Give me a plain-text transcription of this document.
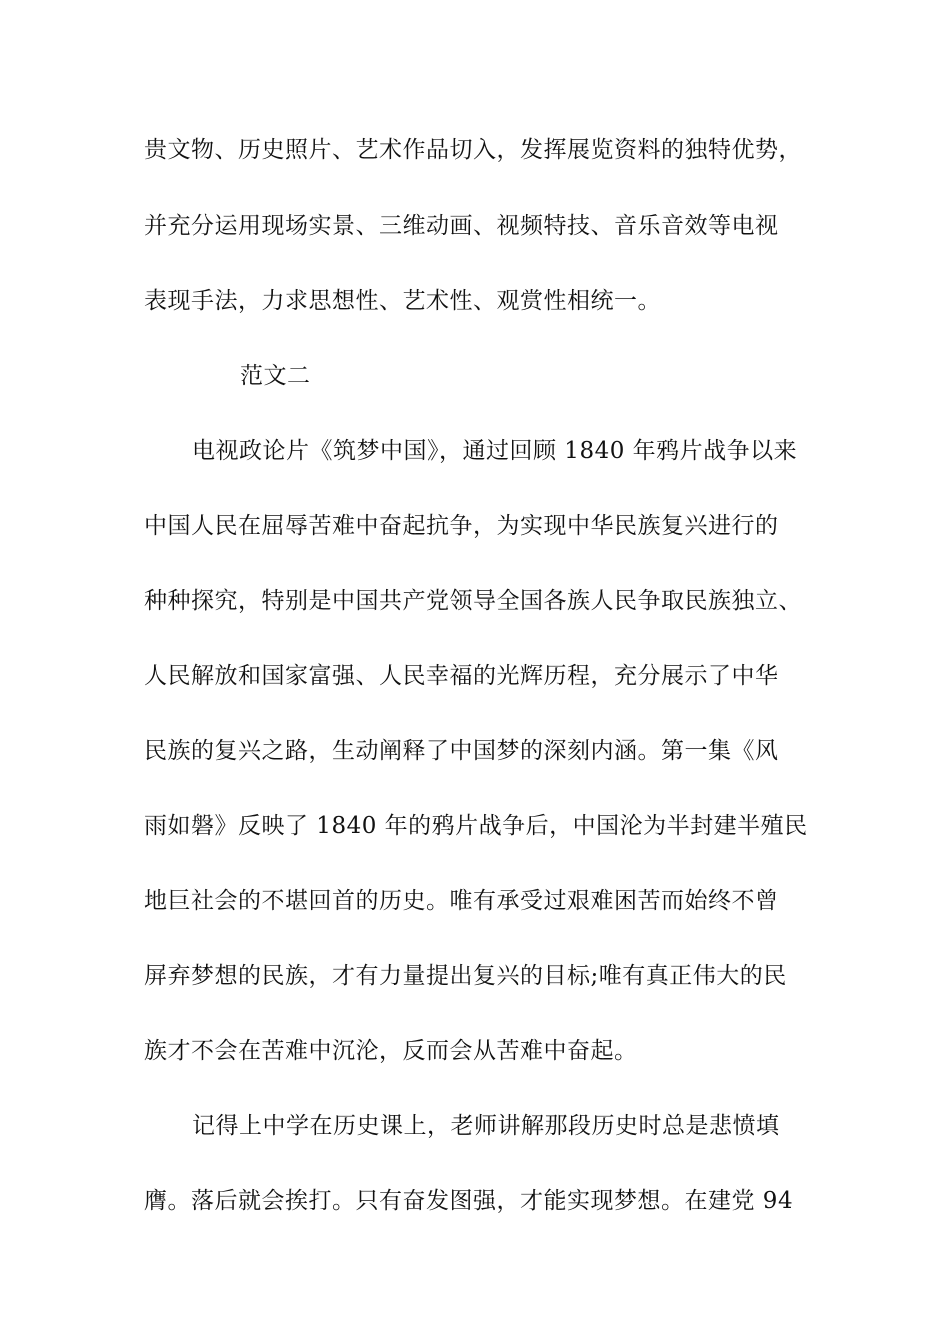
贵文物、历史照片、艺术作品切入，发挥展览资料的独特优势，

并充分运用现场实景、三维动画、视频特技、音乐音效等电视

表现手法，力求思想性、艺术性、观赏性相统一。

范文二

电视政论片《筑梦中国》，通过回顾 1840 年鸦片战争以来

中国人民在屈辱苦难中奋起抗争，为实现中华民族复兴进行的

种种探究，特别是中国共产党领导全国各族人民争取民族独立、

人民解放和国家富强、人民幸福的光辉历程，充分展示了中华

民族的复兴之路，生动阐释了中国梦的深刻内涵。第一集《风

雨如磐》反映了 1840 年的鸦片战争后，中国沦为半封建半殖民

地巨社会的不堪回首的历史。唯有承受过艰难困苦而始终不曾

屏弃梦想的民族，才有力量提出复兴的目标;唯有真正伟大的民

族才不会在苦难中沉沦，反而会从苦难中奋起。

记得上中学在历史课上，老师讲解那段历史时总是悲愤填

膺。落后就会挨打。只有奋发图强，才能实现梦想。在建党 94
